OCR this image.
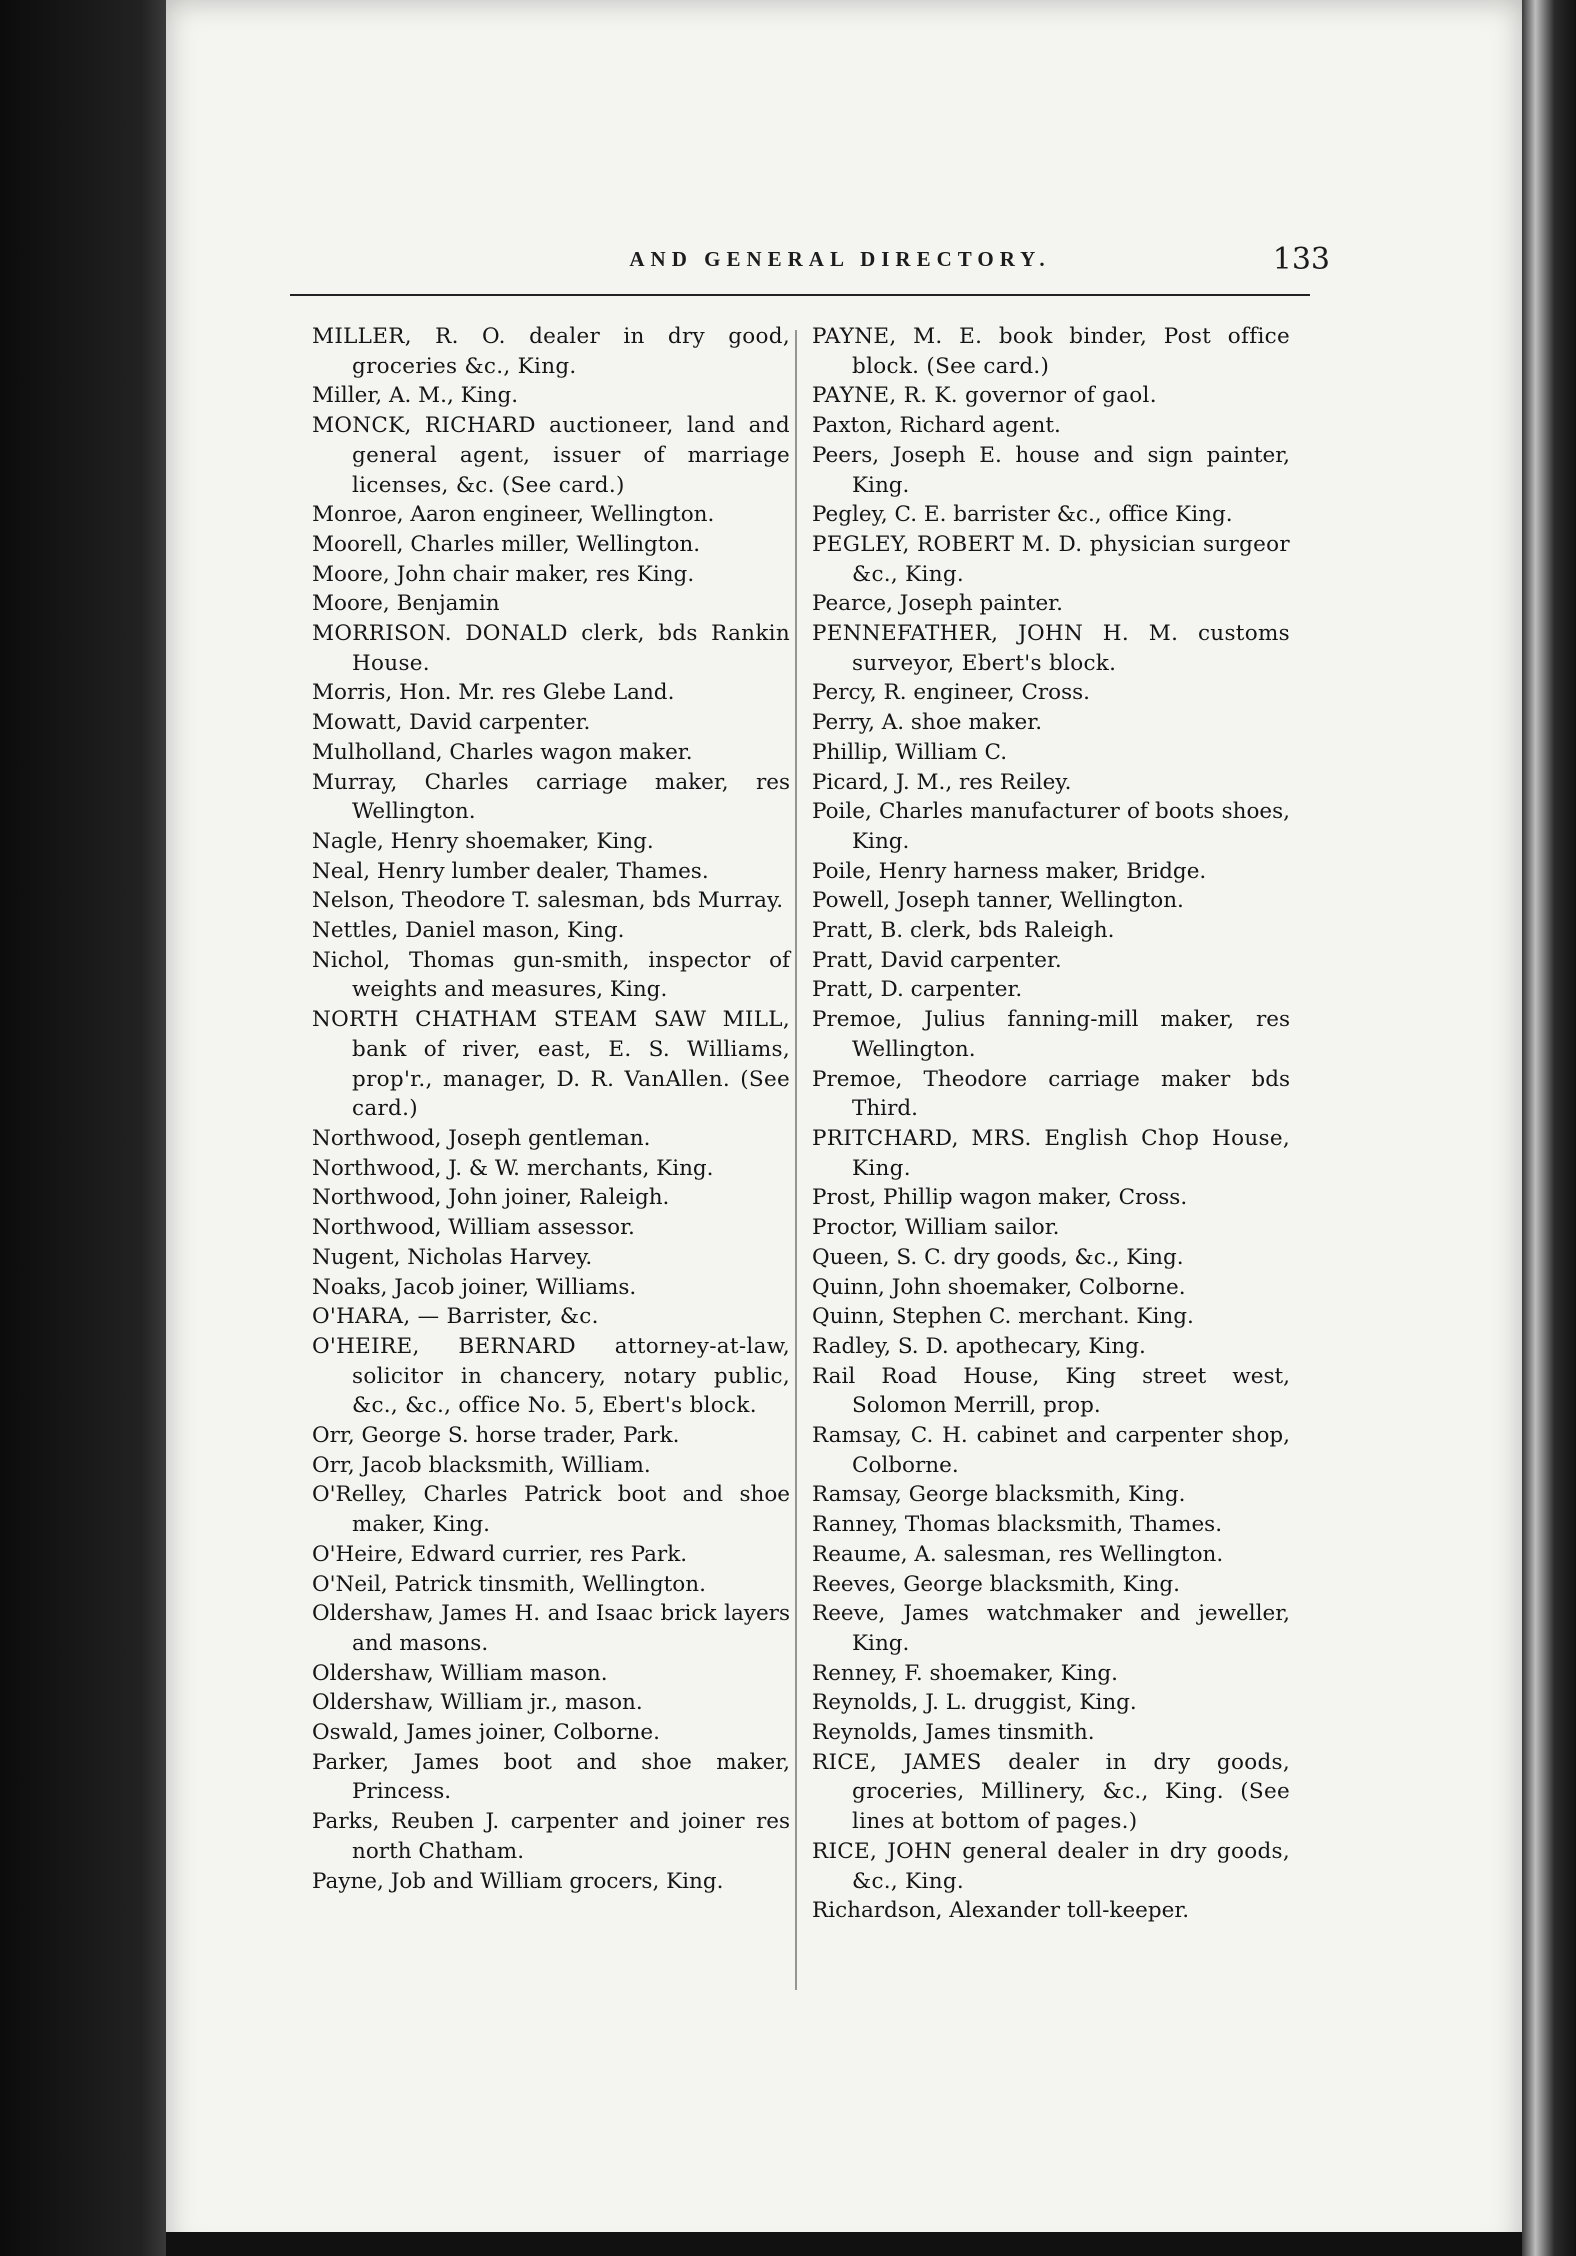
AND GENERAL DIRECTORY.	133
MILLER, R. O. dealer in dry good, groceries &c., King.
Miller, A. M., King.
MONCK, RICHARD auctioneer, land and general agent, issuer of marriage licenses, &c. (See card.)
Monroe, Aaron engineer, Wellington.
Moorell, Charles miller, Wellington.
Moore, John chair maker, res King.
Moore, Benjamin
MORRISON. DONALD clerk, bds Rankin House.
Morris, Hon. Mr. res Glebe Land.
Mowatt, David carpenter.
Mulholland, Charles wagon maker.
Murray, Charles carriage maker, res Wellington.
Nagle, Henry shoemaker, King.
Neal, Henry lumber dealer, Thames.
Nelson, Theodore T. salesman, bds Murray.
Nettles, Daniel mason, King.
Nichol, Thomas gun-smith, inspector of weights and measures, King.
NORTH CHATHAM STEAM SAW MILL, bank of river, east, E. S. Williams, prop'r., manager, D. R. VanAllen. (See card.)
Northwood, Joseph gentleman.
Northwood, J. & W. merchants, King.
Northwood, John joiner, Raleigh.
Northwood, William assessor.
Nugent, Nicholas Harvey.
Noaks, Jacob joiner, Williams.
O'HARA, — Barrister, &c.
O'HEIRE, BERNARD attorney-at-law, solicitor in chancery, notary public, &c., &c., office No. 5, Ebert's block.
Orr, George S. horse trader, Park.
Orr, Jacob blacksmith, William.
O'Relley, Charles Patrick boot and shoe maker, King.
O'Heire, Edward currier, res Park.
O'Neil, Patrick tinsmith, Wellington.
Oldershaw, James H. and Isaac brick layers and masons.
Oldershaw, William mason.
Oldershaw, William jr., mason.
Oswald, James joiner, Colborne.
Parker, James boot and shoe maker, Princess.
Parks, Reuben J. carpenter and joiner res north Chatham.
Payne, Job and William grocers, King.
PAYNE, M. E. book binder, Post office block. (See card.)
PAYNE, R. K. governor of gaol.
Paxton, Richard agent.
Peers, Joseph E. house and sign painter, King.
Pegley, C. E. barrister &c., office King.
PEGLEY, ROBERT M. D. physician surgeor &c., King.
Pearce, Joseph painter.
PENNEFATHER, JOHN H. M. customs surveyor, Ebert's block.
Percy, R. engineer, Cross.
Perry, A. shoe maker.
Phillip, William C.
Picard, J. M., res Reiley.
Poile, Charles manufacturer of boots shoes, King.
Poile, Henry harness maker, Bridge.
Powell, Joseph tanner, Wellington.
Pratt, B. clerk, bds Raleigh.
Pratt, David carpenter.
Pratt, D. carpenter.
Premoe, Julius fanning-mill maker, res Wellington.
Premoe, Theodore carriage maker bds Third.
PRITCHARD, MRS. English Chop House, King.
Prost, Phillip wagon maker, Cross.
Proctor, William sailor.
Queen, S. C. dry goods, &c., King.
Quinn, John shoemaker, Colborne.
Quinn, Stephen C. merchant. King.
Radley, S. D. apothecary, King.
Rail Road House, King street west, Solomon Merrill, prop.
Ramsay, C. H. cabinet and carpenter shop, Colborne.
Ramsay, George blacksmith, King.
Ranney, Thomas blacksmith, Thames.
Reaume, A. salesman, res Wellington.
Reeves, George blacksmith, King.
Reeve, James watchmaker and jeweller, King.
Renney, F. shoemaker, King.
Reynolds, J. L. druggist, King.
Reynolds, James tinsmith.
RICE, JAMES dealer in dry goods, groceries, Millinery, &c., King. (See lines at bottom of pages.)
RICE, JOHN general dealer in dry goods, &c., King.
Richardson, Alexander toll-keeper.
